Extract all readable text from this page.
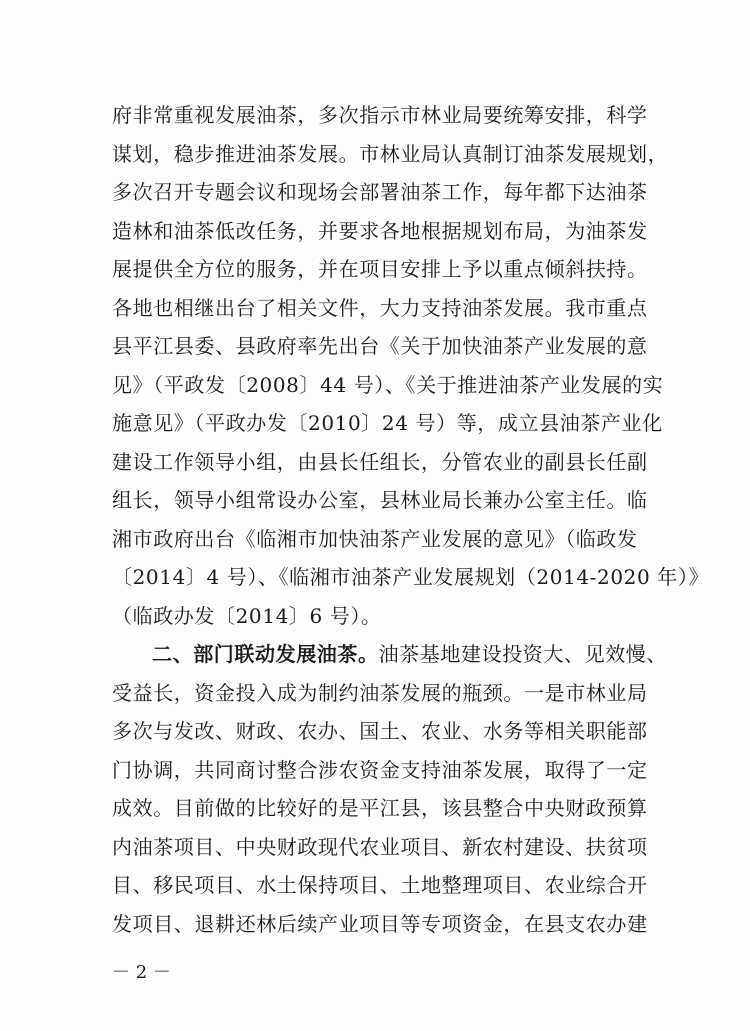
府非常重视发展油茶，多次指示市林业局要统筹安排，科学
谋划，稳步推进油茶发展。市林业局认真制订油茶发展规划，
多次召开专题会议和现场会部署油茶工作，每年都下达油茶
造林和油茶低改任务，并要求各地根据规划布局，为油茶发
展提供全方位的服务，并在项目安排上予以重点倾斜扶持。
各地也相继出台了相关文件，大力支持油茶发展。我市重点
县平江县委、县政府率先出台《关于加快油茶产业发展的意
见》（平政发〔2008〕44 号）、《关于推进油茶产业发展的实
施意见》（平政办发〔2010〕24 号）等，成立县油茶产业化
建设工作领导小组，由县长任组长，分管农业的副县长任副
组长，领导小组常设办公室，县林业局长兼办公室主任。临
湘市政府出台《临湘市加快油茶产业发展的意见》（临政发
〔2014〕4 号）、《临湘市油茶产业发展规划（2014-2020 年）》
（临政办发〔2014〕6 号）。
二、部门联动发展油茶。油茶基地建设投资大、见效慢、
受益长，资金投入成为制约油茶发展的瓶颈。一是市林业局
多次与发改、财政、农办、国土、农业、水务等相关职能部
门协调，共同商讨整合涉农资金支持油茶发展，取得了一定
成效。目前做的比较好的是平江县，该县整合中央财政预算
内油茶项目、中央财政现代农业项目、新农村建设、扶贫项
目、移民项目、水土保持项目、土地整理项目、农业综合开
发项目、退耕还林后续产业项目等专项资金，在县支农办建
－ 2 －
